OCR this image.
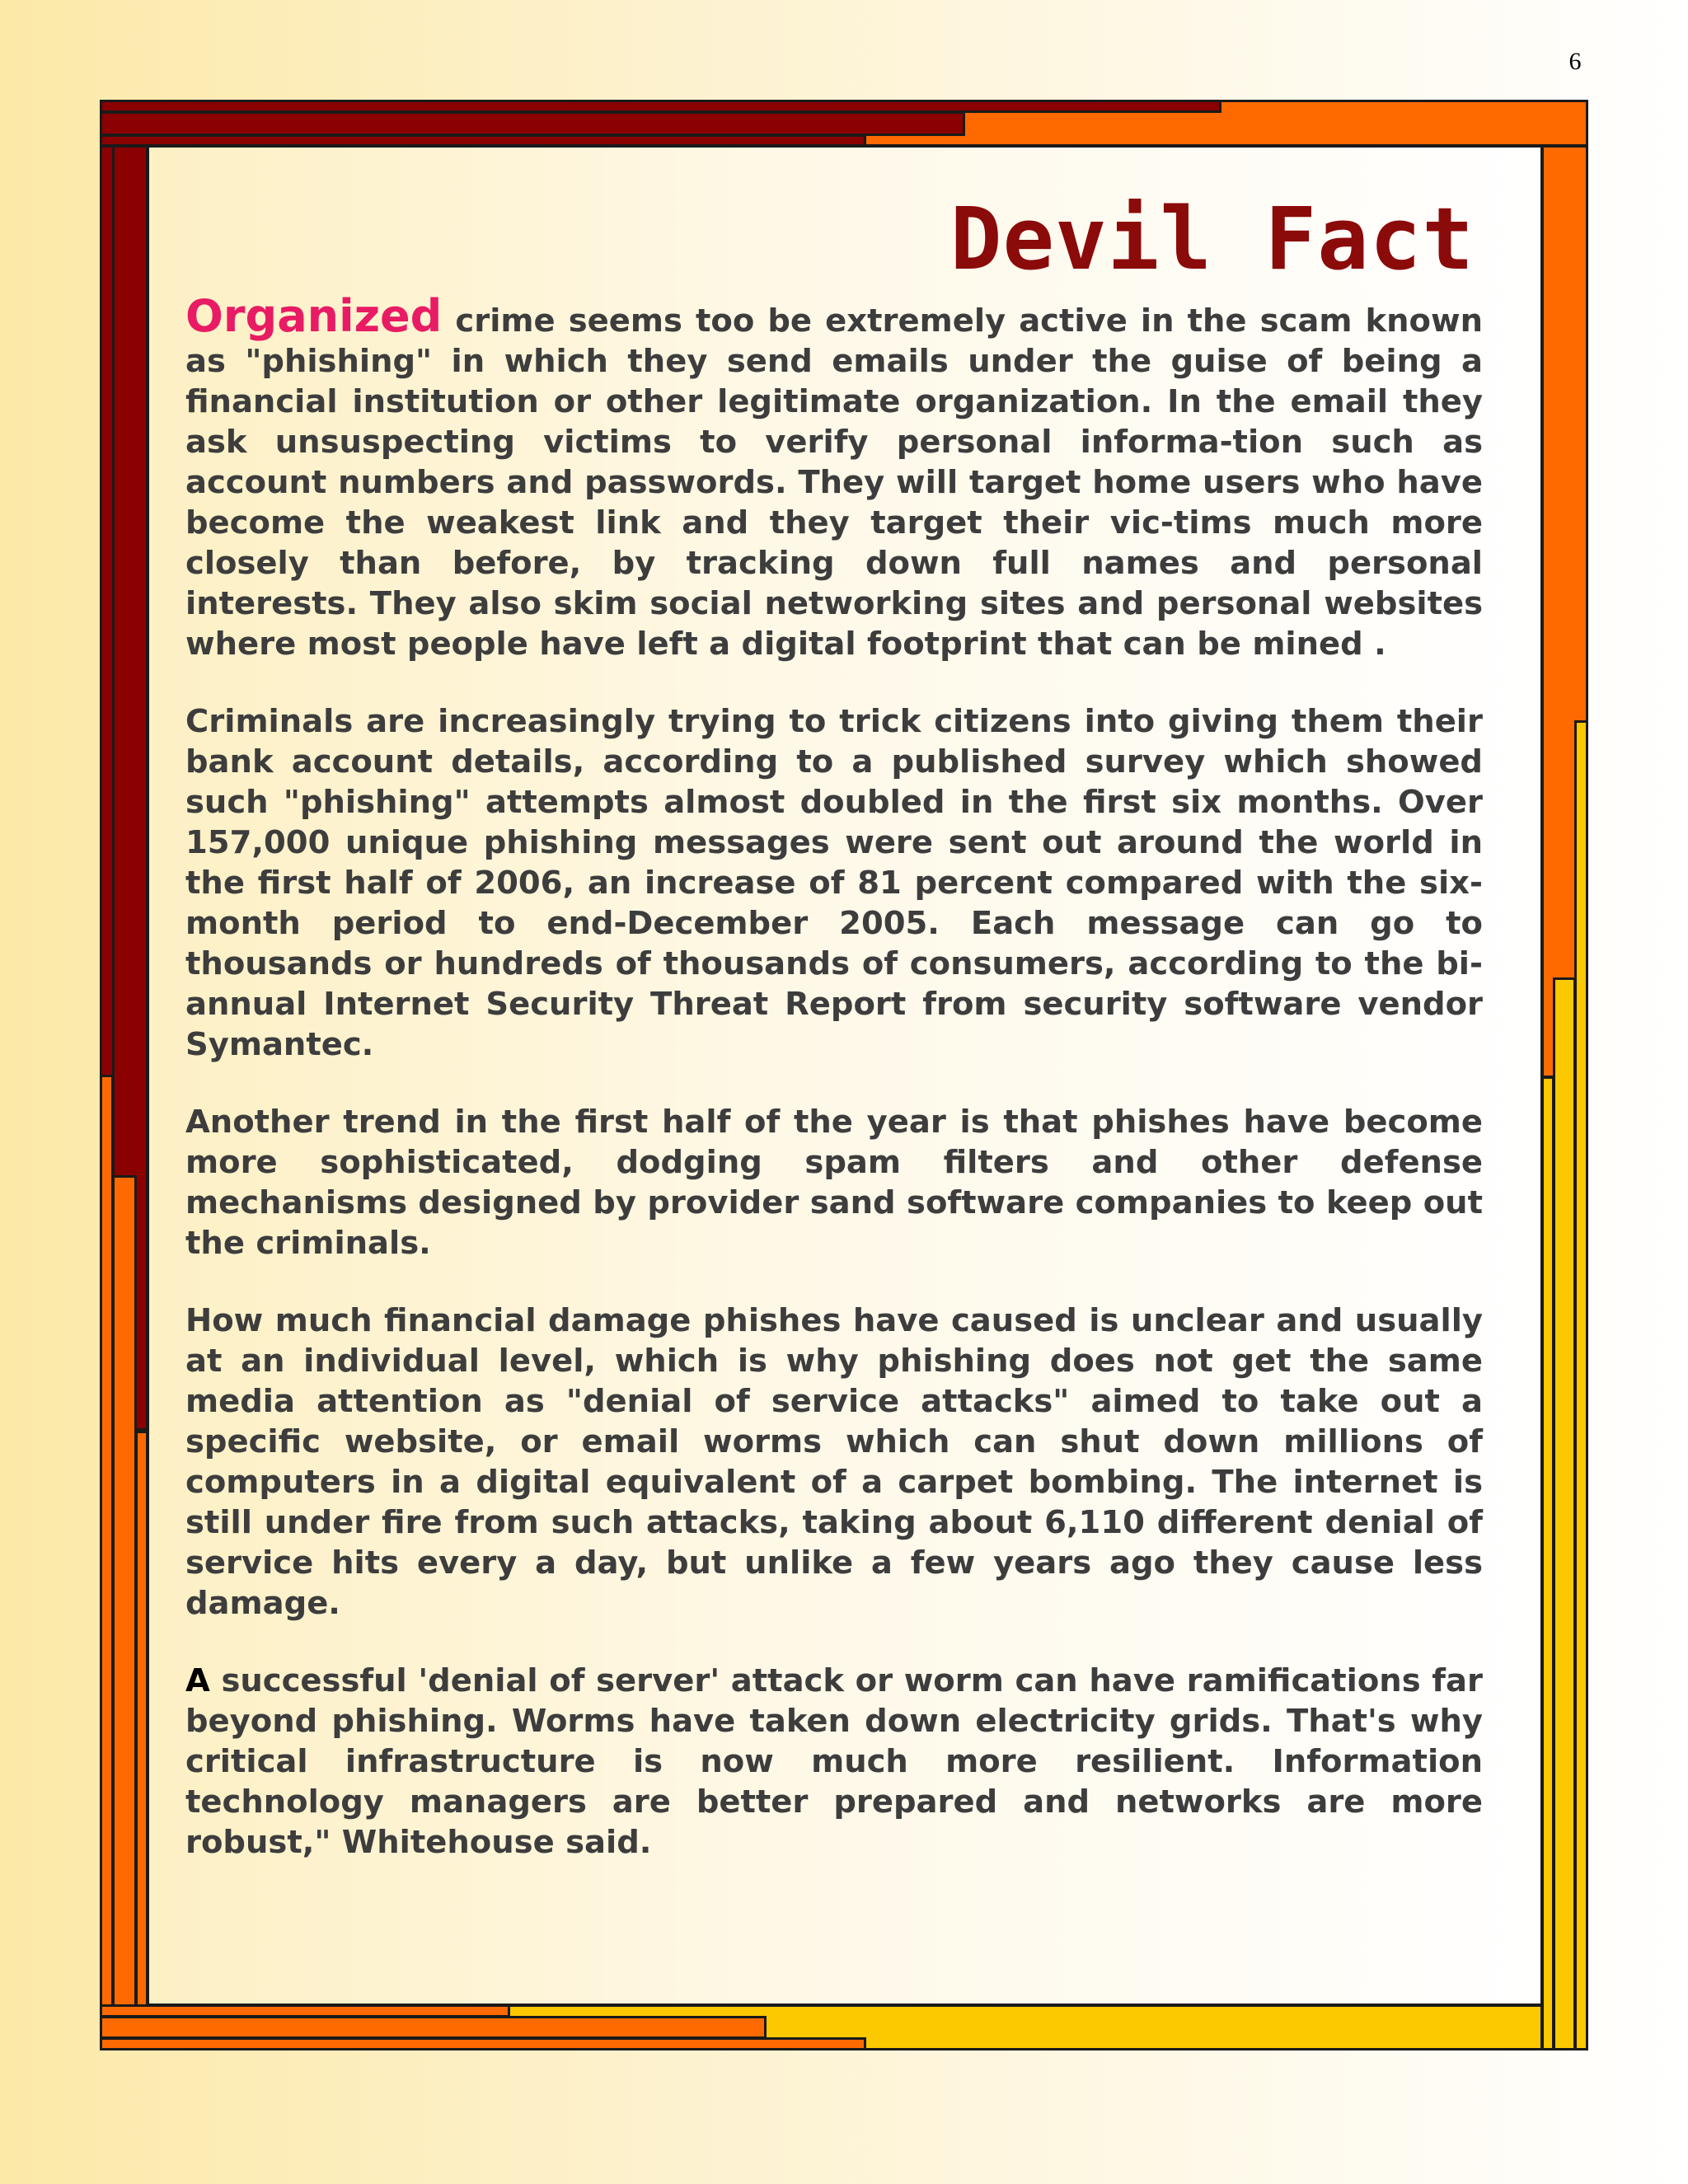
6
Devil Fact

Organized crime seems too be extremely active in the scam known as "phishing" in which they send emails under the guise of being a financial institution or other legitimate organization. In the email they ask unsuspecting victims to verify personal informa-tion such as account numbers and passwords. They will target home users who have become the weakest link and they target their vic-tims much more closely than before, by tracking down full names and personal interests. They also skim social networking sites and personal websites where most people have left a digital footprint that can be mined .

Criminals are increasingly trying to trick citizens into giving them their bank account details, according to a published survey which showed such "phishing" attempts almost doubled in the first six months. Over 157,000 unique phishing messages were sent out around the world in the first half of 2006, an increase of 81 percent compared with the six-month period to end-December 2005. Each message can go to thousands or hundreds of thousands of consumers, according to the bi-annual Internet Security Threat Report from security software vendor Symantec.

Another trend in the first half of the year is that phishes have become more sophisticated, dodging spam filters and other defense mechanisms designed by provider sand software companies to keep out the criminals.

How much financial damage phishes have caused is unclear and usually at an individual level, which is why phishing does not get the same media attention as "denial of service attacks" aimed to take out a specific website, or email worms which can shut down millions of computers in a digital equivalent of a carpet bombing. The internet is still under fire from such attacks, taking about 6,110 different denial of service hits every a day, but unlike a few years ago they cause less damage.

A successful 'denial of server' attack or worm can have ramifications far beyond phishing. Worms have taken down electricity grids. That's why critical infrastructure is now much more resilient. Information technology managers are better prepared and networks are more robust," Whitehouse said.
